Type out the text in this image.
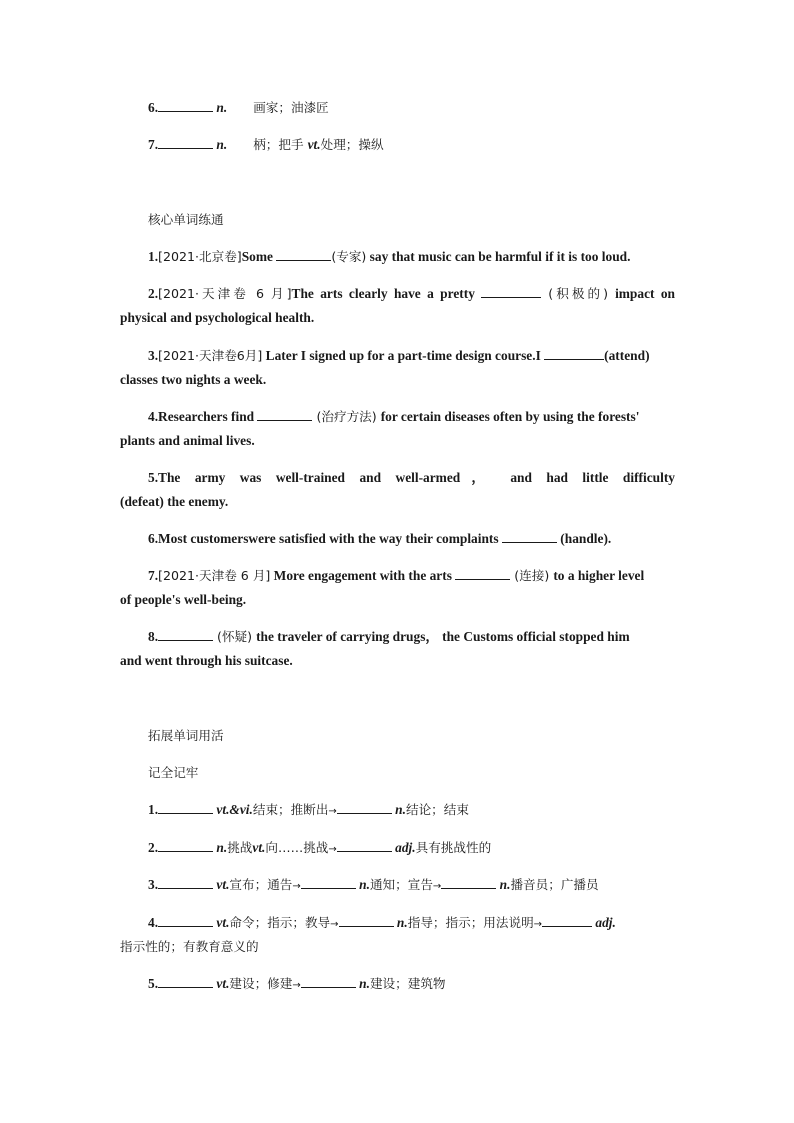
6.	n. 画家；油漆匠
7.	n. 柄；把手 vt.处理；操纵
核心单词练通
1.[2021·北京卷]Some	(专家) say that music can be harmful if it is too loud.
2.[2021·天津卷 6 月]The arts clearly have a pretty	(积极的) impact on
physical and psychological health.
3.[2021·天津卷6月] Later I signed up for a part-time design course.I	(attend)
classes two nights a week.
4.Researchers find	(治疗方法) for certain diseases often by using the forests'
plants and animal lives.
5.The army was well-trained and well-armed， and had little difficulty
(defeat) the enemy.
6.Most customerswere satisfied with the way their complaints	(handle).
7.[2021·天津卷 6 月] More engagement with the arts	(连接) to a higher level
of people's well-being.
8.	(怀疑) the traveler of carrying drugs， the Customs official stopped him
and went through his suitcase.
拓展单词用活
记全记牢
1.	vt.&vi.结束；推断出→	n.结论；结束
2.	n.挑战vt.向……挑战→	adj.具有挑战性的
3.	vt.宣布；通告→	n.通知；宣告→	n.播音员；广播员
4.	vt.命令；指示；教导→	n.指导；指示；用法说明→	adj.
指示性的；有教育意义的
5.	vt.建设；修建→	n.建设；建筑物
